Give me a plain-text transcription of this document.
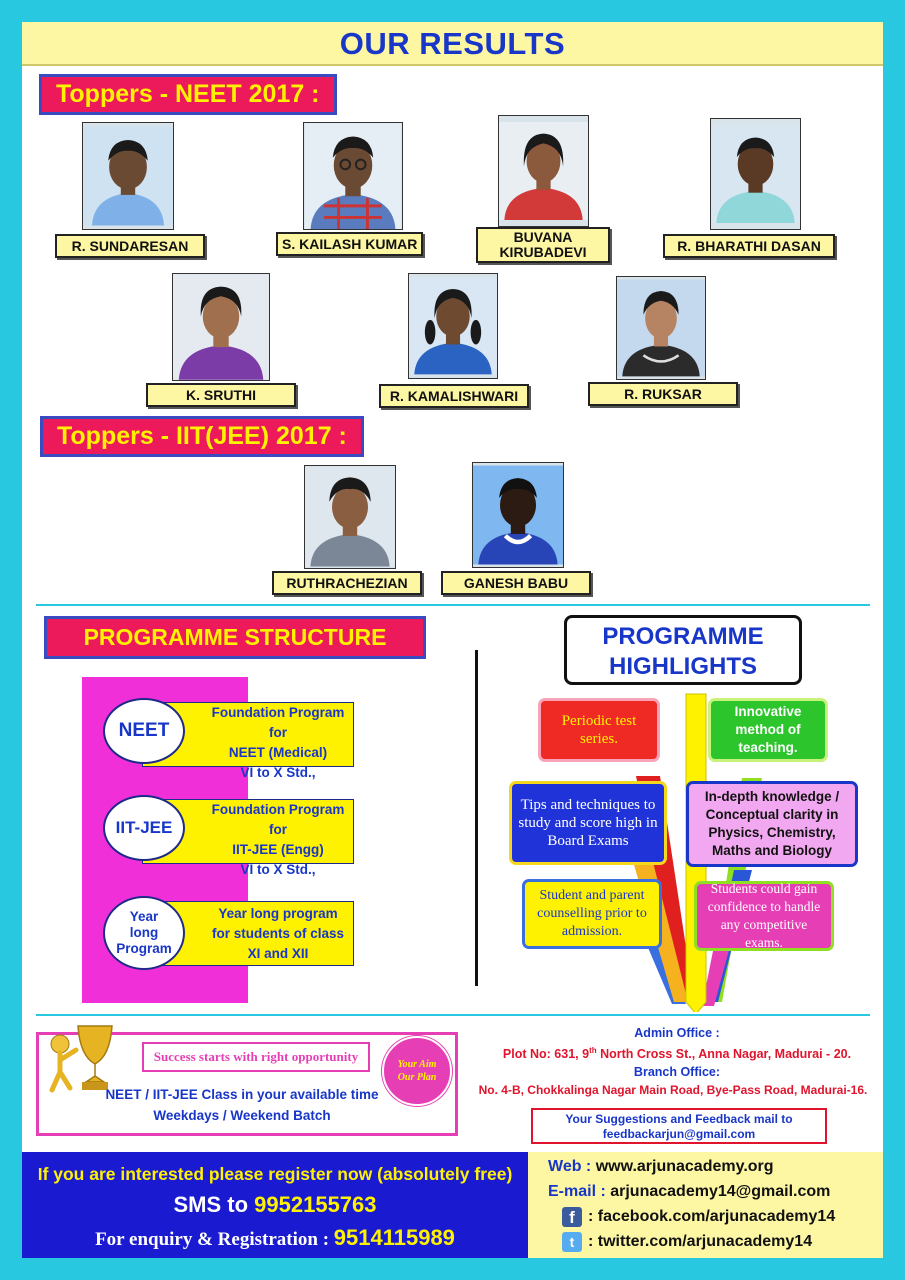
OUR RESULTS
Toppers - NEET 2017 :
R. SUNDARESAN	S. KAILASH KUMAR	BUVANA KIRUBADEVI	R. BHARATHI DASAN
K. SRUTHI	R. KAMALISHWARI	R. RUKSAR
Toppers - IIT(JEE) 2017 :
RUTHRACHEZIAN	GANESH BABU
PROGRAMME STRUCTURE
Foundation Program for
NEET (Medical)
VI to X Std.,
NEET
Foundation Program for
IIT-JEE (Engg)
VI to X Std.,
IIT-JEE
Year long program
for students of class
XI and XII
Year long Program
PROGRAMME
HIGHLIGHTS
Periodic test series.
Innovative method of teaching.
Tips and techniques to study and score high in Board Exams
In-depth knowledge / Conceptual clarity in Physics, Chemistry, Maths and Biology
Student and parent counselling prior to admission.
Students could gain confidence to handle any competitive exams.
Success starts with right opportunity
NEET / IIT-JEE Class in your available time
Weekdays / Weekend Batch
Your Aim
Our Plan
Admin Office :
Plot No: 631, 9th North Cross St., Anna Nagar, Madurai - 20.
Branch Office:
No. 4-B, Chokkalinga Nagar Main Road, Bye-Pass Road, Madurai-16.
Your Suggestions and Feedback mail to
feedbackarjun@gmail.com
If you are interested please register now (absolutely free)
SMS to 9952155763
For enquiry & Registration : 9514115989
Web : www.arjunacademy.org
E-mail : arjunacademy14@gmail.com
f : facebook.com/arjunacademy14
t : twitter.com/arjunacademy14
